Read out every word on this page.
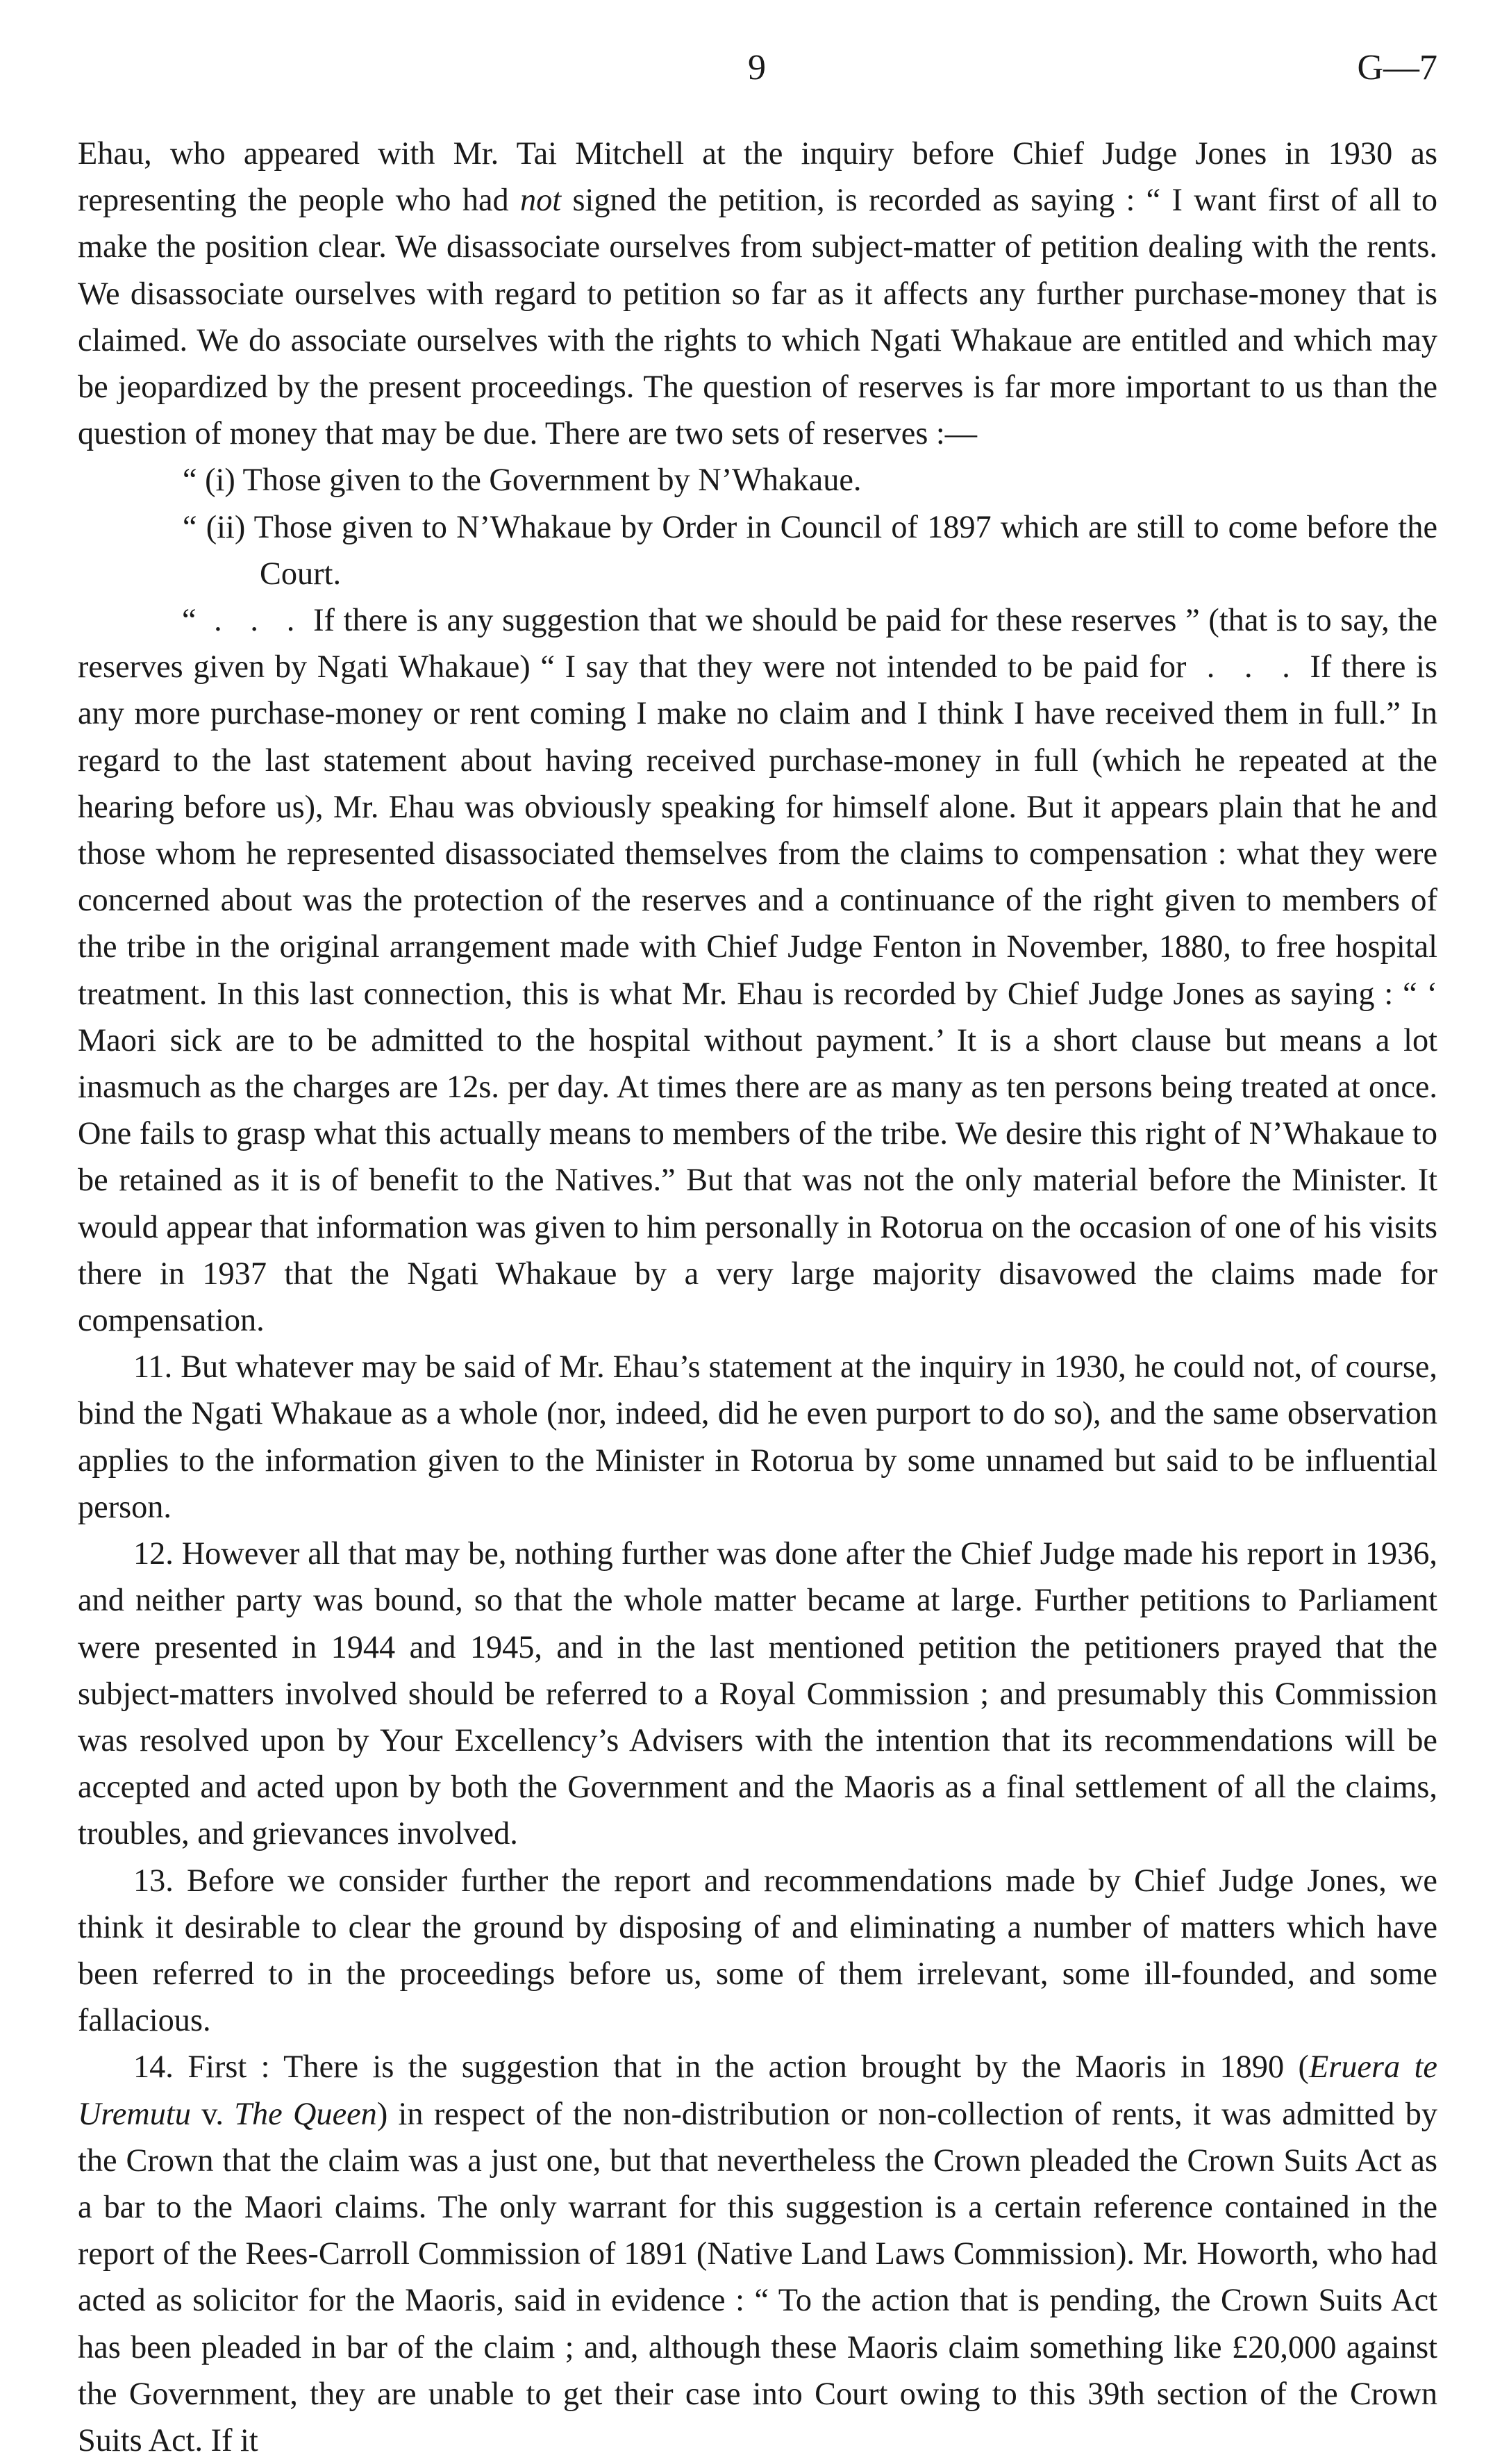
9	G—7

Ehau, who appeared with Mr. Tai Mitchell at the inquiry before Chief Judge Jones in 1930 as representing the people who had not signed the petition, is recorded as saying : “ I want first of all to make the position clear. We disassociate ourselves from subject-matter of petition dealing with the rents. We disassociate ourselves with regard to petition so far as it affects any further purchase-money that is claimed. We do associate ourselves with the rights to which Ngati Whakaue are entitled and which may be jeopardized by the present proceedings. The question of reserves is far more important to us than the question of money that may be due. There are two sets of reserves :—

“ (i) Those given to the Government by N’Whakaue.

“ (ii) Those given to N’Whakaue by Order in Council of 1897 which are still to come before the Court.

“ . . . If there is any suggestion that we should be paid for these reserves ” (that is to say, the reserves given by Ngati Whakaue) “ I say that they were not intended to be paid for . . . If there is any more purchase-money or rent coming I make no claim and I think I have received them in full.” In regard to the last statement about having received purchase-money in full (which he repeated at the hearing before us), Mr. Ehau was obviously speaking for himself alone. But it appears plain that he and those whom he represented disassociated themselves from the claims to compensation : what they were concerned about was the protection of the reserves and a continuance of the right given to members of the tribe in the original arrangement made with Chief Judge Fenton in November, 1880, to free hospital treatment. In this last connection, this is what Mr. Ehau is recorded by Chief Judge Jones as saying : “ ‘ Maori sick are to be admitted to the hospital without payment.’ It is a short clause but means a lot inasmuch as the charges are 12s. per day. At times there are as many as ten persons being treated at once. One fails to grasp what this actually means to members of the tribe. We desire this right of N’Whakaue to be retained as it is of benefit to the Natives.” But that was not the only material before the Minister. It would appear that information was given to him personally in Rotorua on the occasion of one of his visits there in 1937 that the Ngati Whakaue by a very large majority disavowed the claims made for compensation.

11. But whatever may be said of Mr. Ehau’s statement at the inquiry in 1930, he could not, of course, bind the Ngati Whakaue as a whole (nor, indeed, did he even purport to do so), and the same observation applies to the information given to the Minister in Rotorua by some unnamed but said to be influential person.

12. However all that may be, nothing further was done after the Chief Judge made his report in 1936, and neither party was bound, so that the whole matter became at large. Further petitions to Parliament were presented in 1944 and 1945, and in the last mentioned petition the petitioners prayed that the subject-matters involved should be referred to a Royal Commission ; and presumably this Commission was resolved upon by Your Excellency’s Advisers with the intention that its recommendations will be accepted and acted upon by both the Government and the Maoris as a final settlement of all the claims, troubles, and grievances involved.

13. Before we consider further the report and recommendations made by Chief Judge Jones, we think it desirable to clear the ground by disposing of and eliminating a number of matters which have been referred to in the proceedings before us, some of them irrelevant, some ill-founded, and some fallacious.

14. First : There is the suggestion that in the action brought by the Maoris in 1890 (Eruera te Uremutu v. The Queen) in respect of the non-distribution or non-collection of rents, it was admitted by the Crown that the claim was a just one, but that nevertheless the Crown pleaded the Crown Suits Act as a bar to the Maori claims. The only warrant for this suggestion is a certain reference contained in the report of the Rees-Carroll Commission of 1891 (Native Land Laws Commission). Mr. Howorth, who had acted as solicitor for the Maoris, said in evidence : “ To the action that is pending, the Crown Suits Act has been pleaded in bar of the claim ; and, although these Maoris claim something like £20,000 against the Government, they are unable to get their case into Court owing to this 39th section of the Crown Suits Act. If it
